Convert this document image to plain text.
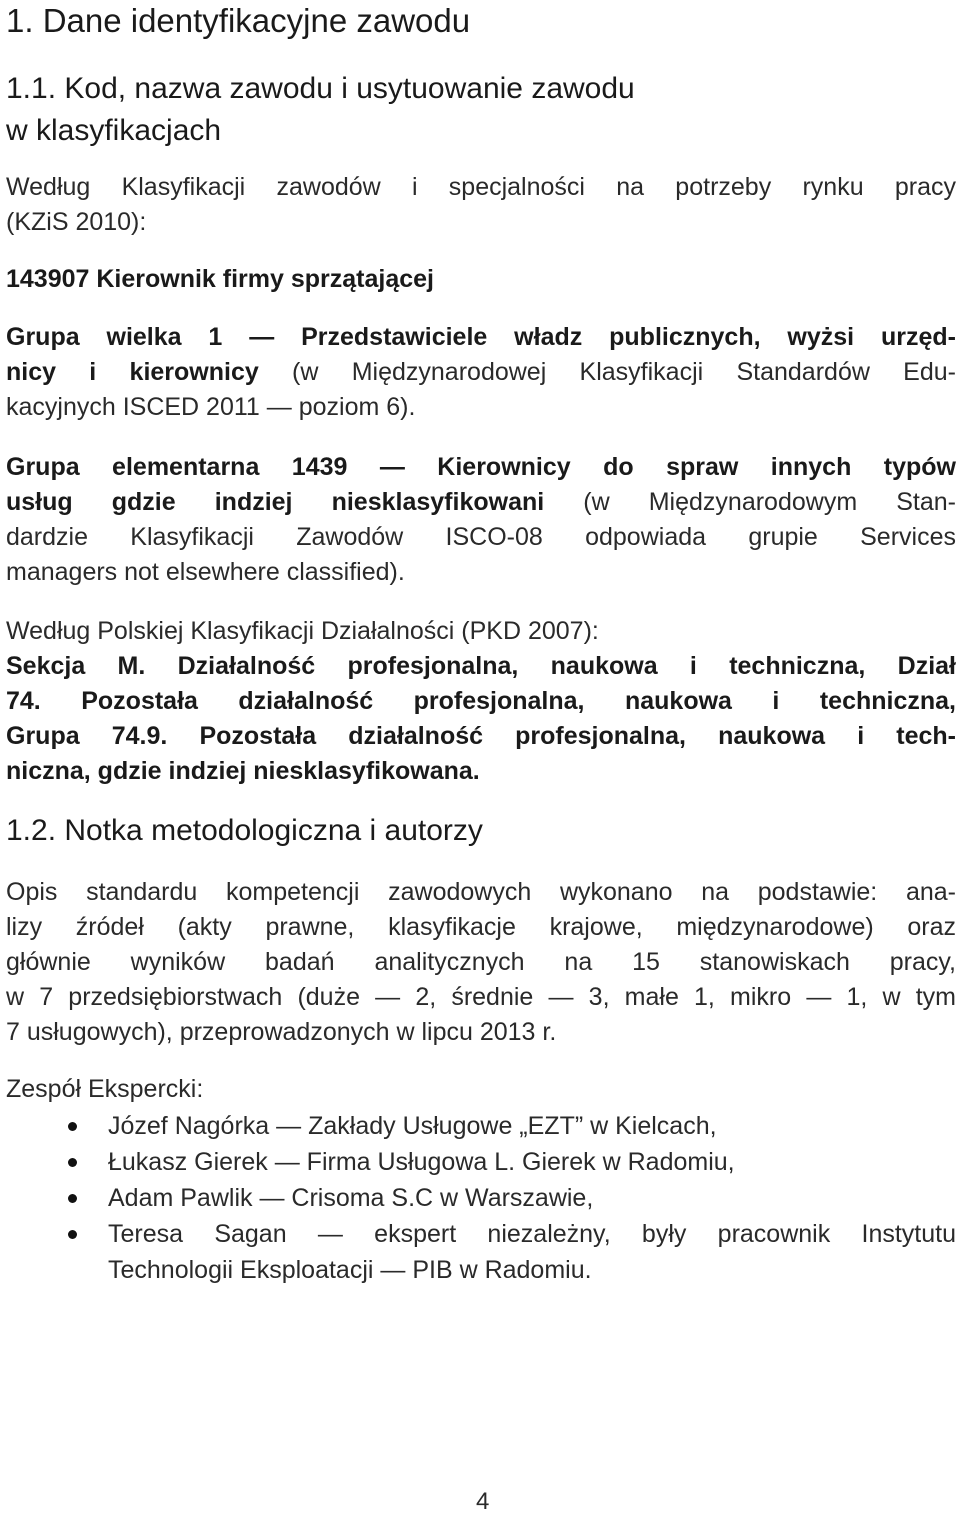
1. Dane identyfikacyjne zawodu
1.1. Kod, nazwa zawodu i usytuowanie zawodu
w klasyfikacjach
Według Klasyfikacji zawodów i specjalności na potrzeby rynku pracy
(KZiS 2010):
143907 Kierownik firmy sprzątającej
Grupa wielka 1 — Przedstawiciele władz publicznych, wyżsi urzęd-
nicy i kierownicy (w Międzynarodowej Klasyfikacji Standardów Edu-
kacyjnych ISCED 2011 — poziom 6).
Grupa elementarna 1439 — Kierownicy do spraw innych typów
usług gdzie indziej niesklasyfikowani (w Międzynarodowym Stan-
dardzie Klasyfikacji Zawodów ISCO-08 odpowiada grupie Services
managers not elsewhere classified).
Według Polskiej Klasyfikacji Działalności (PKD 2007):
Sekcja M. Działalność profesjonalna, naukowa i techniczna, Dział
74. Pozostała działalność profesjonalna, naukowa i techniczna,
Grupa 74.9. Pozostała działalność profesjonalna, naukowa i tech-
niczna, gdzie indziej niesklasyfikowana.
1.2. Notka metodologiczna i autorzy
Opis standardu kompetencji zawodowych wykonano na podstawie: ana-
lizy źródeł (akty prawne, klasyfikacje krajowe, międzynarodowe) oraz
głównie wyników badań analitycznych na 15 stanowiskach pracy,
w 7 przedsiębiorstwach (duże — 2, średnie — 3, małe 1, mikro — 1, w tym
7 usługowych), przeprowadzonych w lipcu 2013 r.
Zespół Ekspercki:
Józef Nagórka — Zakłady Usługowe „EZT” w Kielcach,
Łukasz Gierek — Firma Usługowa L. Gierek w Radomiu,
Adam Pawlik — Crisoma S.C w Warszawie,
Teresa Sagan — ekspert niezależny, były pracownik Instytutu
Technologii Eksploatacji — PIB w Radomiu.
4
